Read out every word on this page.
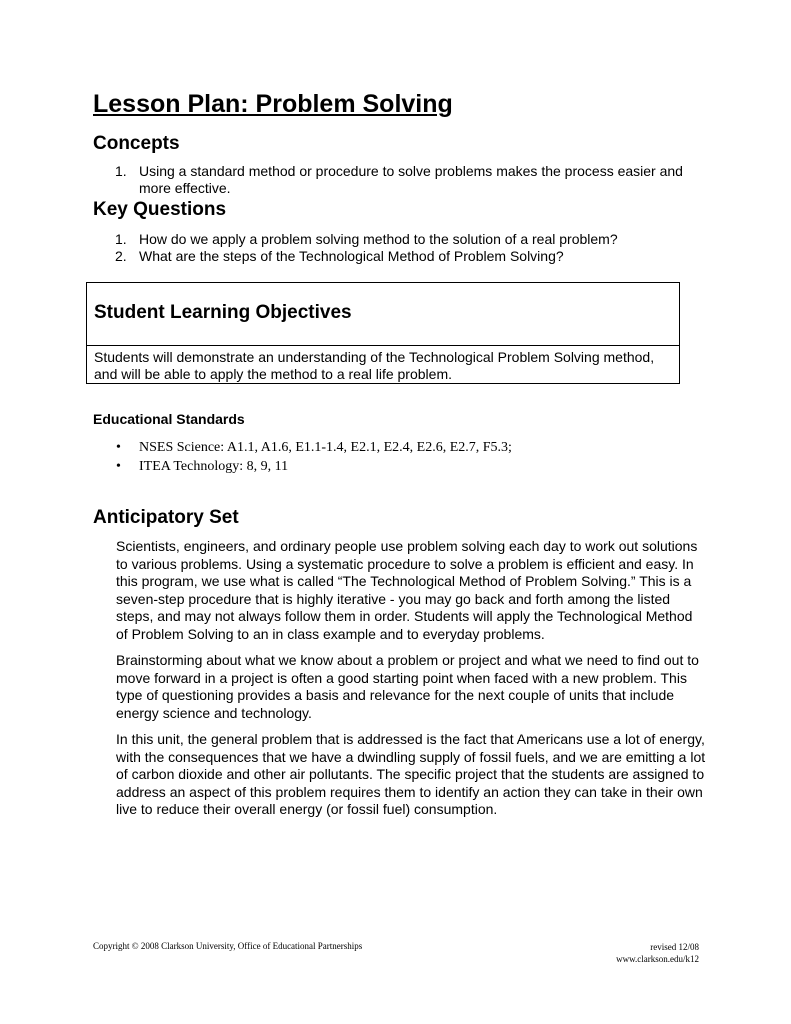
Lesson Plan: Problem Solving
Concepts
1. Using a standard method or procedure to solve problems makes the process easier and more effective.
Key Questions
1. How do we apply a problem solving method to the solution of a real problem?
2. What are the steps of the Technological Method of Problem Solving?
Student Learning Objectives

Students will demonstrate an understanding of the Technological Problem Solving method, and will be able to apply the method to a real life problem.

Educational Standards
• NSES Science: A1.1, A1.6, E1.1-1.4, E2.1, E2.4, E2.6, E2.7, F5.3;
• ITEA Technology: 8, 9, 11
Anticipatory Set

Scientists, engineers, and ordinary people use problem solving each day to work out solutions to various problems. Using a systematic procedure to solve a problem is efficient and easy. In this program, we use what is called “The Technological Method of Problem Solving.” This is a seven-step procedure that is highly iterative - you may go back and forth among the listed steps, and may not always follow them in order. Students will apply the Technological Method of Problem Solving to an in class example and to everyday problems.

Brainstorming about what we know about a problem or project and what we need to find out to move forward in a project is often a good starting point when faced with a new problem. This type of questioning provides a basis and relevance for the next couple of units that include energy science and technology.

In this unit, the general problem that is addressed is the fact that Americans use a lot of energy, with the consequences that we have a dwindling supply of fossil fuels, and we are emitting a lot of carbon dioxide and other air pollutants. The specific project that the students are assigned to address an aspect of this problem requires them to identify an action they can take in their own live to reduce their overall energy (or fossil fuel) consumption.

Copyright © 2008 Clarkson University, Office of Educational Partnerships	revised 12/08
www.clarkson.edu/k12
